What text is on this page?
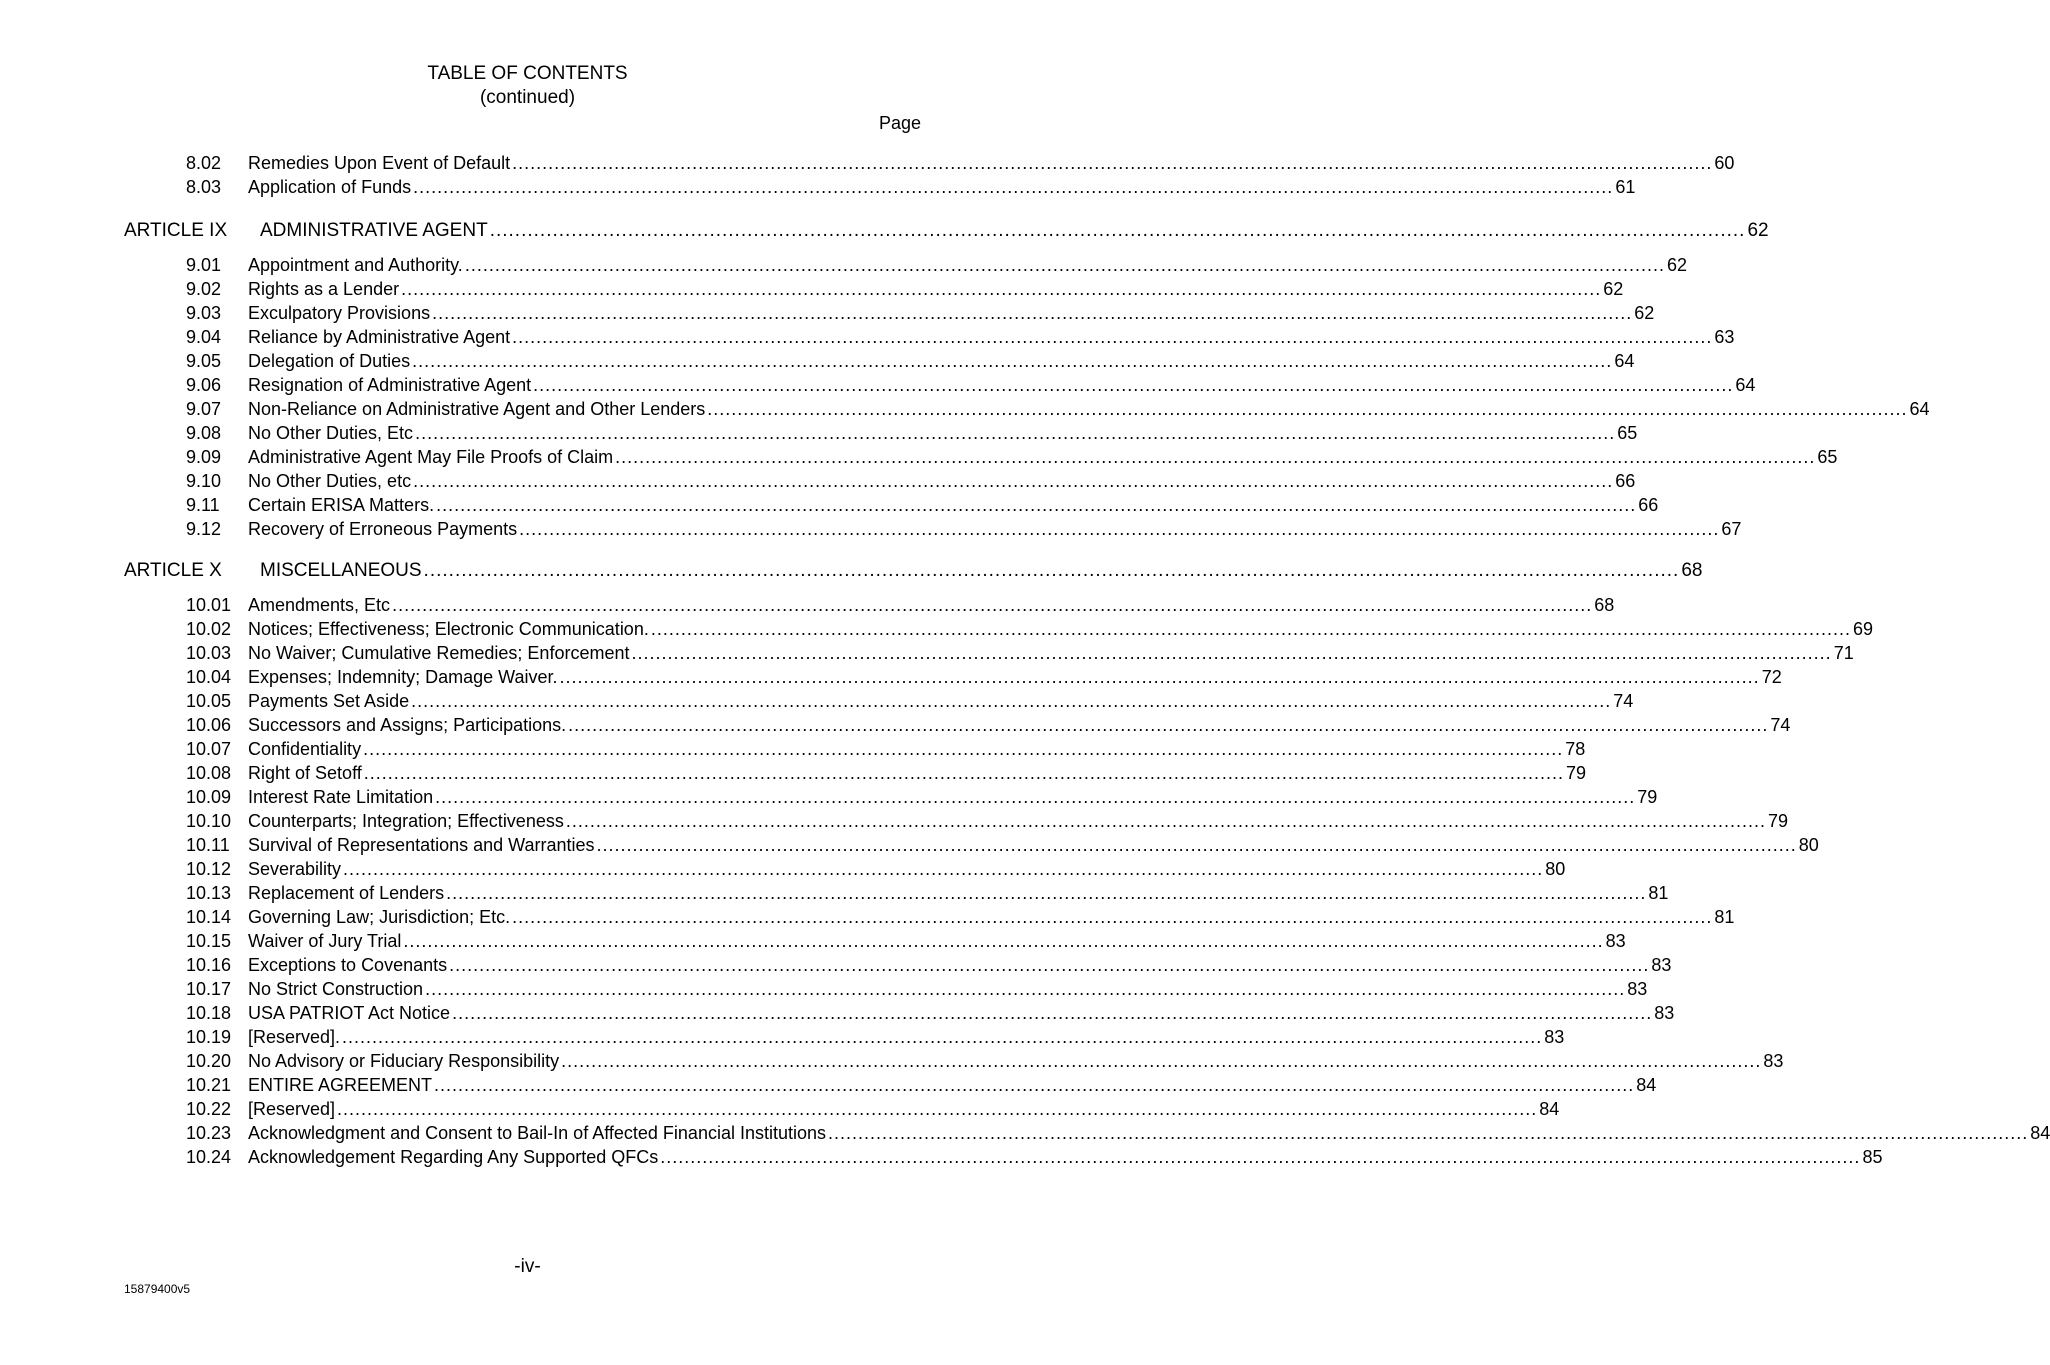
TABLE OF CONTENTS
(continued)
Page
8.02	Remedies Upon Event of Default ........................................................................................................................................................................................................ 60
8.03	Application of Funds ........................................................................................................................................................................................................ 61
ARTICLE IX	ADMINISTRATIVE AGENT ........................................................................................................................................................................................................ 62
9.01	Appointment and Authority. ........................................................................................................................................................................................................ 62
9.02	Rights as a Lender ........................................................................................................................................................................................................ 62
9.03	Exculpatory Provisions ........................................................................................................................................................................................................ 62
9.04	Reliance by Administrative Agent ........................................................................................................................................................................................................ 63
9.05	Delegation of Duties ........................................................................................................................................................................................................ 64
9.06	Resignation of Administrative Agent ........................................................................................................................................................................................................ 64
9.07	Non-Reliance on Administrative Agent and Other Lenders ........................................................................................................................................................................................................ 64
9.08	No Other Duties, Etc ........................................................................................................................................................................................................ 65
9.09	Administrative Agent May File Proofs of Claim ........................................................................................................................................................................................................ 65
9.10	No Other Duties, etc ........................................................................................................................................................................................................ 66
9.11	Certain ERISA Matters. ........................................................................................................................................................................................................ 66
9.12	Recovery of Erroneous Payments ........................................................................................................................................................................................................ 67
ARTICLE X	MISCELLANEOUS ........................................................................................................................................................................................................ 68
10.01 Amendments, Etc ........................................................................................................................................................................................................ 68
10.02 Notices; Effectiveness; Electronic Communication. ........................................................................................................................................................................................................ 69
10.03 No Waiver; Cumulative Remedies; Enforcement ........................................................................................................................................................................................................ 71
10.04 Expenses; Indemnity; Damage Waiver. ........................................................................................................................................................................................................ 72
10.05 Payments Set Aside ........................................................................................................................................................................................................ 74
10.06 Successors and Assigns; Participations. ........................................................................................................................................................................................................ 74
10.07 Confidentiality ........................................................................................................................................................................................................ 78
10.08 Right of Setoff ........................................................................................................................................................................................................ 79
10.09 Interest Rate Limitation ........................................................................................................................................................................................................ 79
10.10 Counterparts; Integration; Effectiveness ........................................................................................................................................................................................................ 79
10.11	Survival of Representations and Warranties ........................................................................................................................................................................................................ 80
10.12 Severability ........................................................................................................................................................................................................ 80
10.13 Replacement of Lenders ........................................................................................................................................................................................................ 81
10.14 Governing Law; Jurisdiction; Etc. ........................................................................................................................................................................................................ 81
10.15 Waiver of Jury Trial ........................................................................................................................................................................................................ 83
10.16 Exceptions to Covenants ........................................................................................................................................................................................................ 83
10.17 No Strict Construction ........................................................................................................................................................................................................ 83
10.18 USA PATRIOT Act Notice ........................................................................................................................................................................................................ 83
10.19 [Reserved]. ........................................................................................................................................................................................................ 83
10.20 No Advisory or Fiduciary Responsibility ........................................................................................................................................................................................................ 83
10.21 ENTIRE AGREEMENT ........................................................................................................................................................................................................ 84
10.22 [Reserved] ........................................................................................................................................................................................................ 84
10.23 Acknowledgment and Consent to Bail-In of Affected Financial Institutions ........................................................................................................................................................................................................ 84
10.24 Acknowledgement Regarding Any Supported QFCs ........................................................................................................................................................................................................ 85
-iv-
15879400v5
